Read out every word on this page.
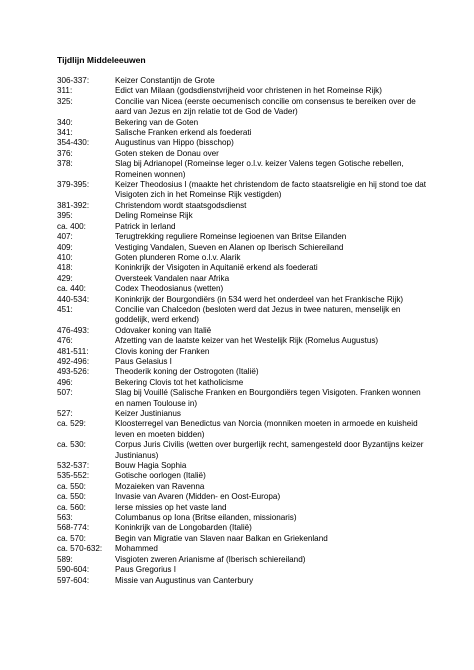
Tijdlijn Middeleeuwen
306-337:	Keizer Constantijn de Grote
311:	Edict van Milaan (godsdienstvrijheid voor christenen in het Romeinse Rijk)
325:	Concilie van Nicea (eerste oecumenisch concilie om consensus te bereiken over de aard van Jezus en zijn relatie tot de God de Vader)
340:	Bekering van de Goten
341:	Salische Franken erkend als foederati
354-430:	Augustinus van Hippo (bisschop)
376:	Goten steken de Donau over
378:	Slag bij Adrianopel (Romeinse leger o.l.v. keizer Valens tegen Gotische rebellen, Romeinen wonnen)
379-395:	Keizer Theodosius I (maakte het christendom de facto staatsreligie en hij stond toe dat Visigoten zich in het Romeinse Rijk vestigden)
381-392:	Christendom wordt staatsgodsdienst
395:	Deling Romeinse Rijk
ca. 400:	Patrick in Ierland
407:	Terugtrekking reguliere Romeinse legioenen van Britse Eilanden
409:	Vestiging Vandalen, Sueven en Alanen op Iberisch Schiereiland
410:	Goten plunderen Rome o.l.v. Alarik
418:	Koninkrijk der Visigoten in Aquitanië erkend als foederati
429:	Oversteek Vandalen naar Afrika
ca. 440:	Codex Theodosianus (wetten)
440-534:	Koninkrijk der Bourgondiërs (in 534 werd het onderdeel van het Frankische Rijk)
451:	Concilie van Chalcedon (besloten werd dat Jezus in twee naturen, menselijk en goddelijk, werd erkend)
476-493:	Odovaker koning van Italië
476:	Afzetting van de laatste keizer van het Westelijk Rijk (Romelus Augustus)
481-511:	Clovis koning der Franken
492-496:	Paus Gelasius I
493-526:	Theoderik koning der Ostrogoten (Italië)
496:	Bekering Clovis tot het katholicisme
507:	Slag bij Vouillé (Salische Franken en Bourgondiërs tegen Visigoten. Franken wonnen en namen Toulouse in)
527:	Keizer Justinianus
ca. 529:	Kloosterregel van Benedictus van Norcia (monniken moeten in armoede en kuisheid leven en moeten bidden)
ca. 530:	Corpus Juris Civilis (wetten over burgerlijk recht, samengesteld door Byzantijns keizer Justinianus)
532-537:	Bouw Hagia Sophia
535-552:	Gotische oorlogen (Italië)
ca. 550:	Mozaieken van Ravenna
ca. 550:	Invasie van Avaren (Midden- en Oost-Europa)
ca. 560:	Ierse missies op het vaste land
563:	Columbanus op Iona (Britse eilanden, missionaris)
568-774:	Koninkrijk van de Longobarden (Italië)
ca. 570:	Begin van Migratie van Slaven naar Balkan en Griekenland
ca. 570-632:	Mohammed
589:	Visgioten zweren Arianisme af (Iberisch schiereiland)
590-604:	Paus Gregorius I
597-604:	Missie van Augustinus van Canterbury
